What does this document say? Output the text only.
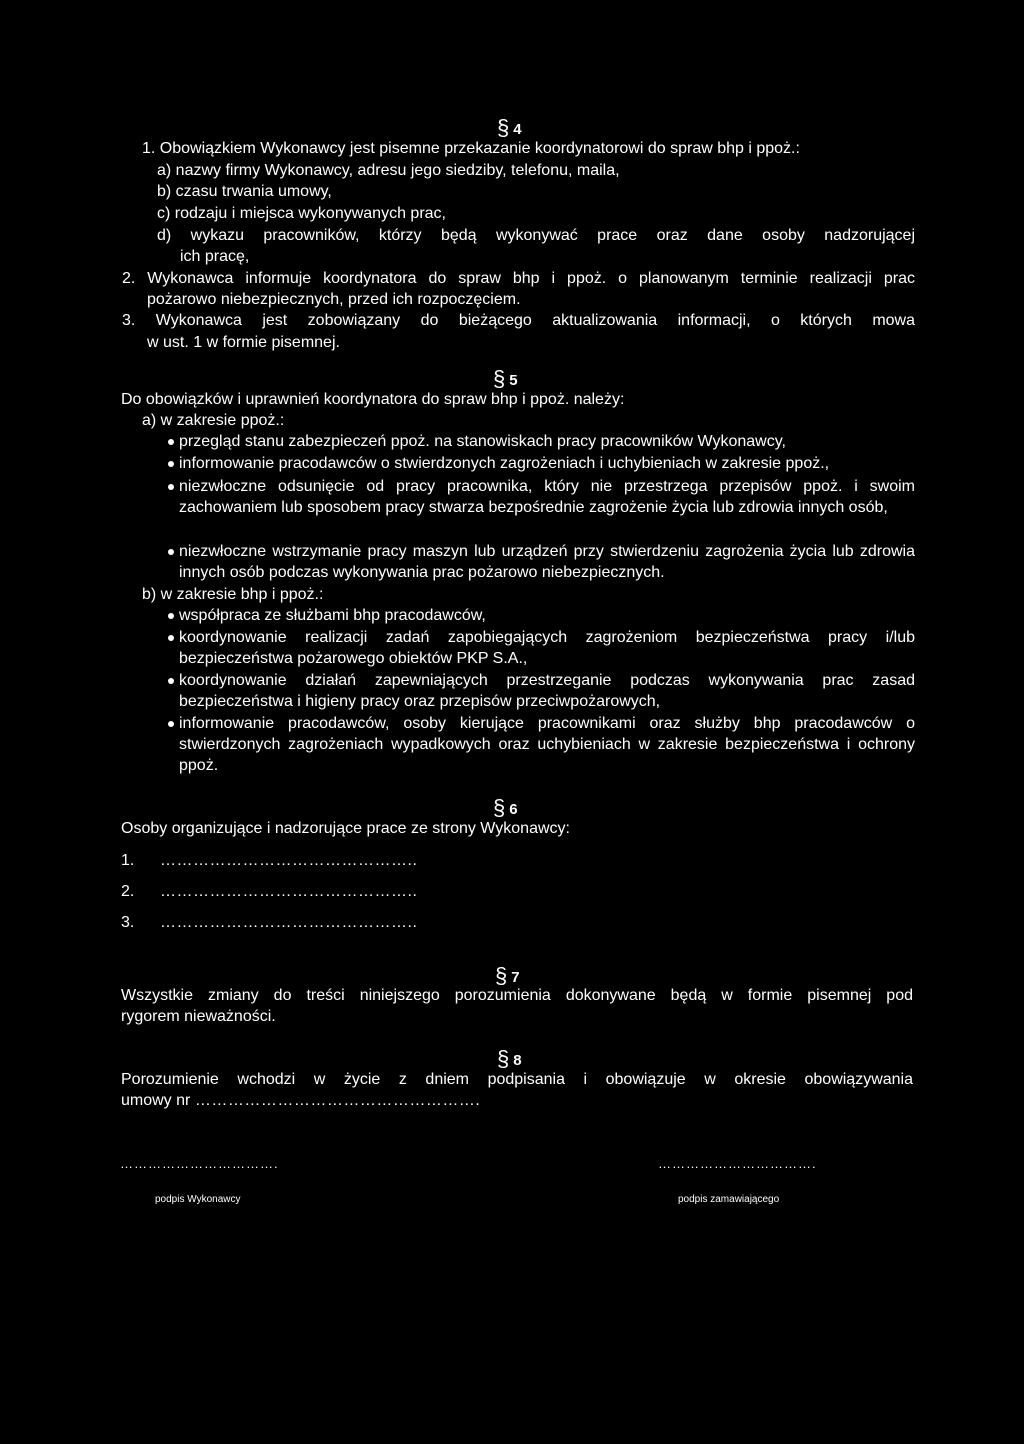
§ 4
1. Obowiązkiem Wykonawcy jest pisemne przekazanie koordynatorowi do spraw bhp i ppoż.:
a) nazwy firmy Wykonawcy, adresu jego siedziby, telefonu, maila,
b) czasu trwania umowy,
c) rodzaju i miejsca wykonywanych prac,
d) wykazu pracowników, którzy będą wykonywać prace oraz dane osoby nadzorującej
ich pracę,
2. Wykonawca informuje koordynatora do spraw bhp i ppoż. o planowanym terminie realizacji prac
pożarowo niebezpiecznych, przed ich rozpoczęciem.
3. Wykonawca jest zobowiązany do bieżącego aktualizowania informacji, o których mowa
w ust. 1 w formie pisemnej.
§ 5
Do obowiązków i uprawnień koordynatora do spraw bhp i ppoż. należy:
a) w zakresie ppoż.:
przegląd stanu zabezpieczeń ppoż. na stanowiskach pracy pracowników Wykonawcy,
informowanie pracodawców o stwierdzonych zagrożeniach i uchybieniach w zakresie ppoż.,
niezwłoczne odsunięcie od pracy pracownika, który nie przestrzega przepisów ppoż. i swoim zachowaniem lub sposobem pracy stwarza bezpośrednie zagrożenie życia lub zdrowia innych osób,
niezwłoczne wstrzymanie pracy maszyn lub urządzeń przy stwierdzeniu zagrożenia życia lub zdrowia innych osób podczas wykonywania prac pożarowo niebezpiecznych.
b) w zakresie bhp i ppoż.:
współpraca ze służbami bhp pracodawców,
koordynowanie realizacji zadań zapobiegających zagrożeniom bezpieczeństwa pracy i/lub bezpieczeństwa pożarowego obiektów PKP S.A.,
koordynowanie działań zapewniających przestrzeganie podczas wykonywania prac zasad bezpieczeństwa i higieny pracy oraz przepisów przeciwpożarowych,
informowanie pracodawców, osoby kierujące pracownikami oraz służby bhp pracodawców o stwierdzonych zagrożeniach wypadkowych oraz uchybieniach w zakresie bezpieczeństwa i ochrony ppoż.
§ 6
Osoby organizujące i nadzorujące prace ze strony Wykonawcy:
1. ………………………………………..
2. ………………………………………..
3. ………………………………………..
§ 7
Wszystkie zmiany do treści niniejszego porozumienia dokonywane będą w formie pisemnej pod
rygorem nieważności.
§ 8
Porozumienie wchodzi w życie z dniem podpisania i obowiązuje w okresie obowiązywania
umowy nr …………………………………………….
…………………………….
podpis Wykonawcy
…………………………….
podpis zamawiającego
